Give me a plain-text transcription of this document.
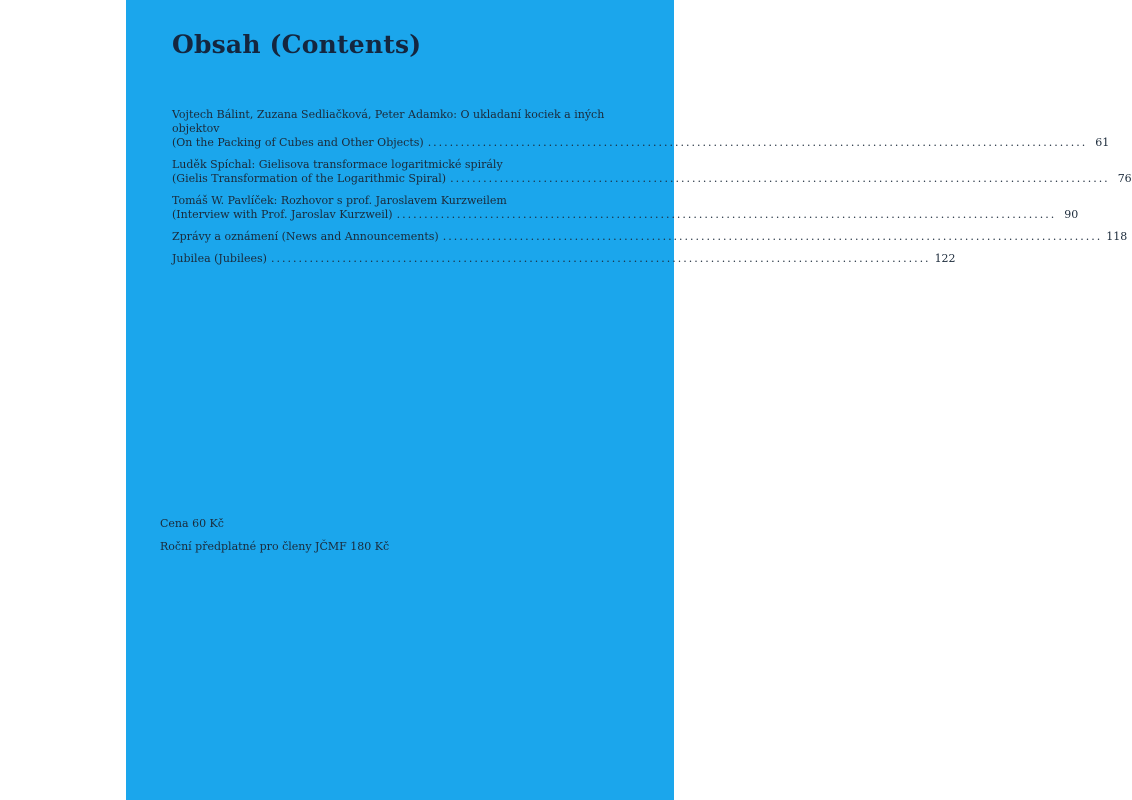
Obsah (Contents)
Vojtech Bálint, Zuzana Sedliačková, Peter Adamko: O ukladaní kociek a iných
objektov
(On the Packing of Cubes and Other Objects) ........................................................................................................................ 61
Luděk Spíchal: Gielisova transformace logaritmické spirály
(Gielis Transformation of the Logarithmic Spiral) ........................................................................................................................ 76
Tomáš W. Pavlíček: Rozhovor s prof. Jaroslavem Kurzweilem
(Interview with Prof. Jaroslav Kurzweil) ........................................................................................................................ 90
Zprávy a oznámení (News and Announcements) ........................................................................................................................ 118
Jubilea (Jubilees) ........................................................................................................................ 122
Cena 60 Kč
Roční předplatné pro členy JČMF 180 Kč
